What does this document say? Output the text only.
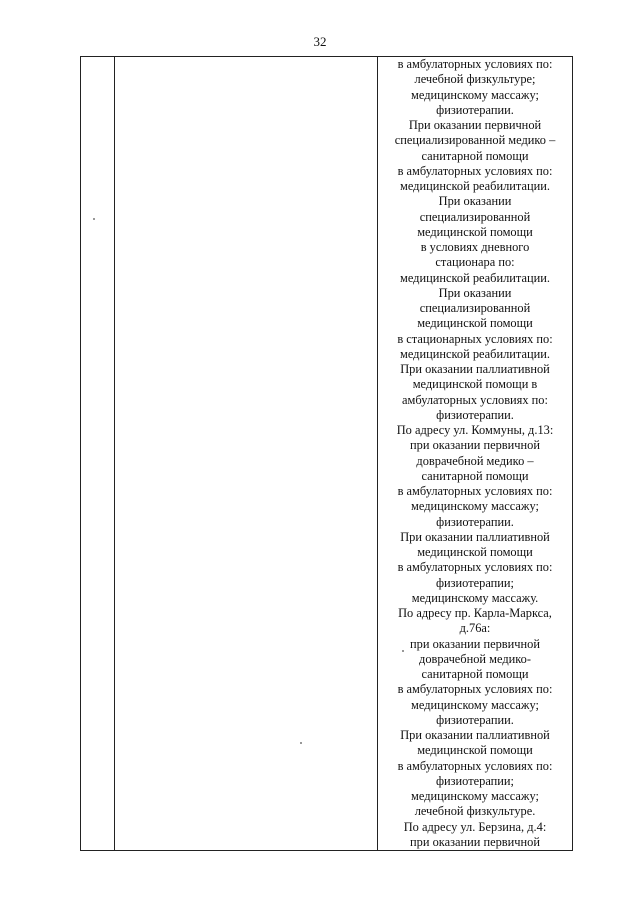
32

в амбулаторных условиях по:
лечебной физкультуре;
медицинскому массажу;
физиотерапии.
При оказании первичной
специализированной медико –
санитарной помощи
в амбулаторных условиях по:
медицинской реабилитации.
При оказании
специализированной
медицинской помощи
в условиях дневного
стационара по:
медицинской реабилитации.
При оказании
специализированной
медицинской помощи
в стационарных условиях по:
медицинской реабилитации.
При оказании паллиативной
медицинской помощи в
амбулаторных условиях по:
физиотерапии.
По адресу ул. Коммуны, д.13:
при оказании первичной
доврачебной медико –
санитарной помощи
в амбулаторных условиях по:
медицинскому массажу;
физиотерапии.
При оказании паллиативной
медицинской помощи
в амбулаторных условиях по:
физиотерапии;
медицинскому массажу.
По адресу пр. Карла-Маркса,
д.76а:
при оказании первичной
доврачебной медико-
санитарной помощи
в амбулаторных условиях по:
медицинскому массажу;
физиотерапии.
При оказании паллиативной
медицинской помощи
в амбулаторных условиях по:
физиотерапии;
медицинскому массажу;
лечебной физкультуре.
По адресу ул. Берзина, д.4:
при оказании первичной
